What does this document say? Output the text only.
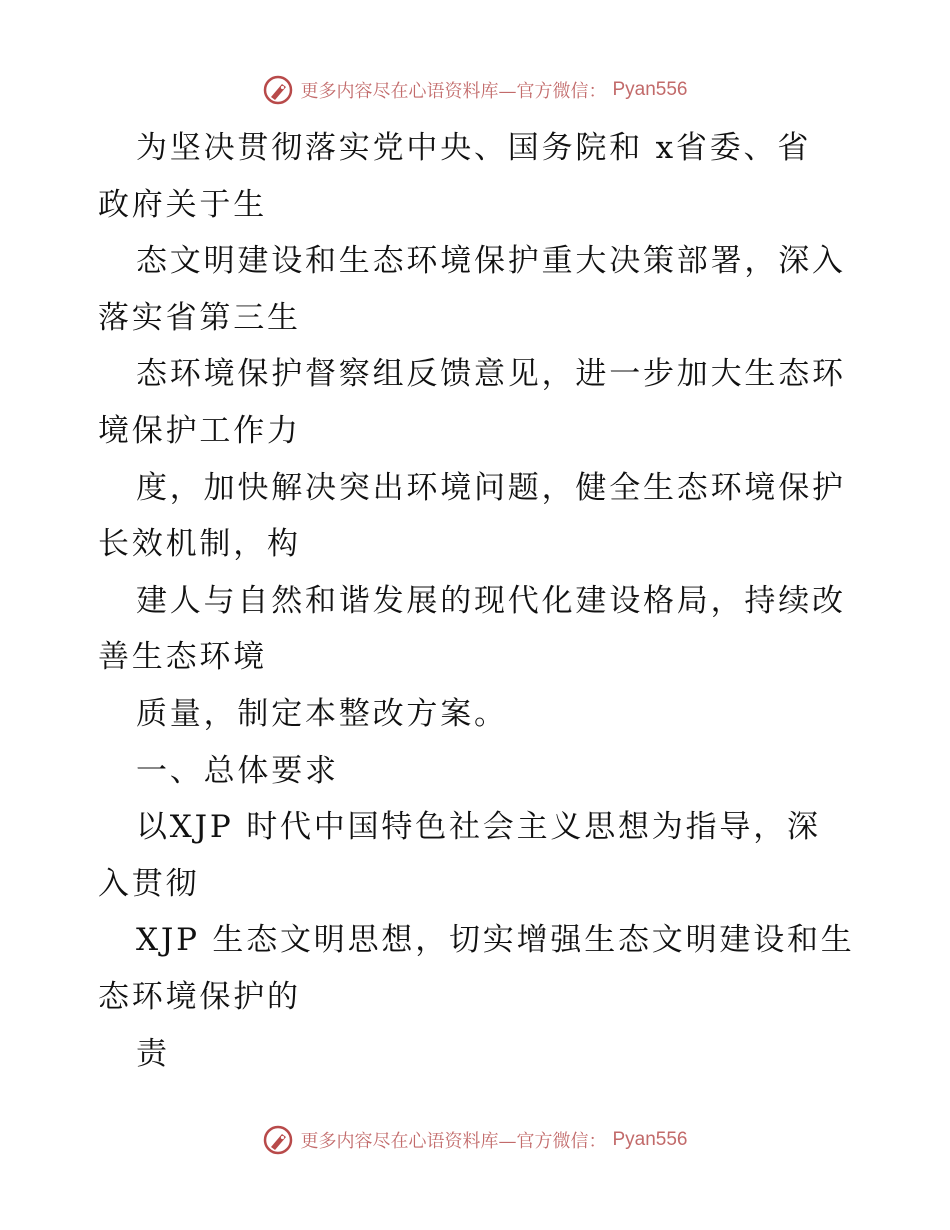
更多内容尽在心语资料库—官方微信： Pyan556
为坚决贯彻落实党中央、国务院和 x省委、省
政府关于生
态文明建设和生态环境保护重大决策部署，深入
落实省第三生
态环境保护督察组反馈意见，进一步加大生态环
境保护工作力
度，加快解决突出环境问题，健全生态环境保护
长效机制，构
建人与自然和谐发展的现代化建设格局，持续改
善生态环境
质量，制定本整改方案。
一、总体要求
以XJP 时代中国特色社会主义思想为指导，深
入贯彻
XJP 生态文明思想，切实增强生态文明建设和生
态环境保护的
责
更多内容尽在心语资料库—官方微信： Pyan556
